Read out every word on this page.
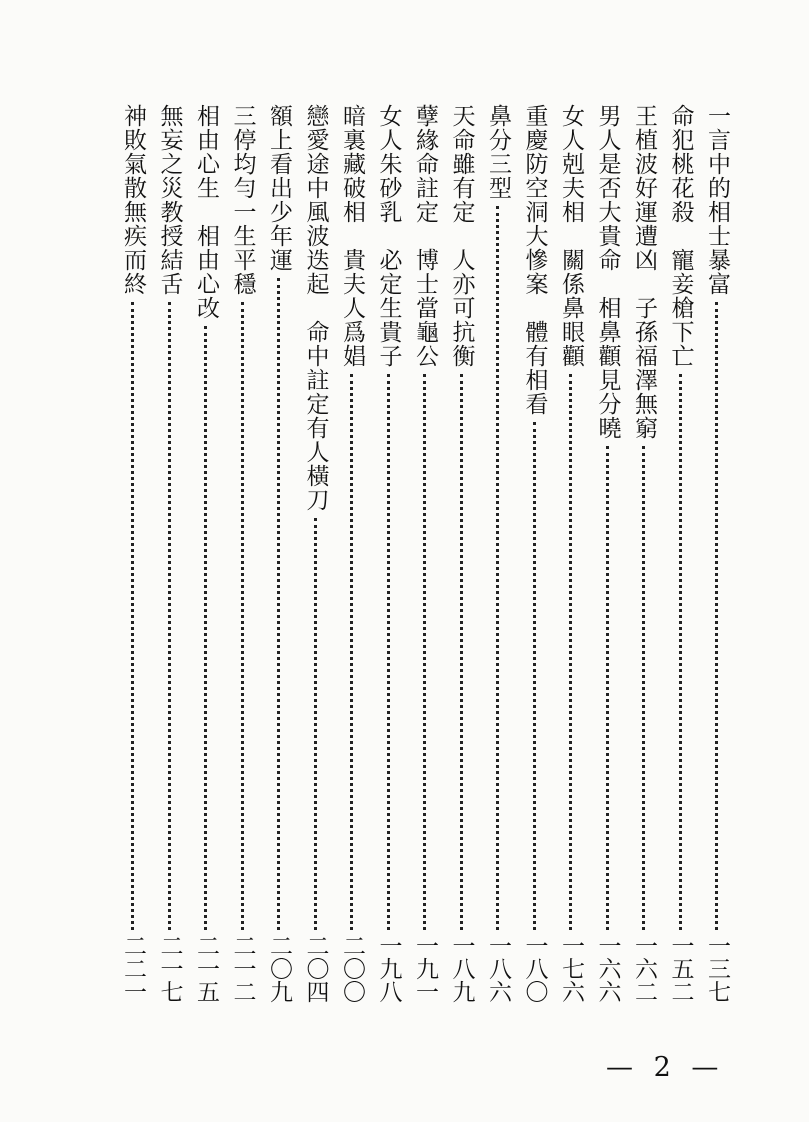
一言中的相士暴富
一三七
命犯桃花殺　寵妾槍下亡
一五二
王植波好運遭凶　子孫福澤無窮
一六二
男人是否大貴命　相鼻顴見分曉
一六六
女人剋夫相　關係鼻眼顴
一七六
重慶防空洞大慘案　體有相看
一八〇
鼻分三型
一八六
天命雖有定　人亦可抗衡
一八九
孽緣命註定　博士當龜公
一九一
女人朱砂乳　必定生貴子
一九八
暗裏藏破相　貴夫人爲娼
二〇〇
戀愛途中風波迭起　命中註定有人橫刀
二〇四
額上看出少年運
二〇九
三停均勻一生平穩
二一二
相由心生　相由心改
二一五
無妄之災教授結舌
二一七
神敗氣散無疾而終
二二一
— 2 —
